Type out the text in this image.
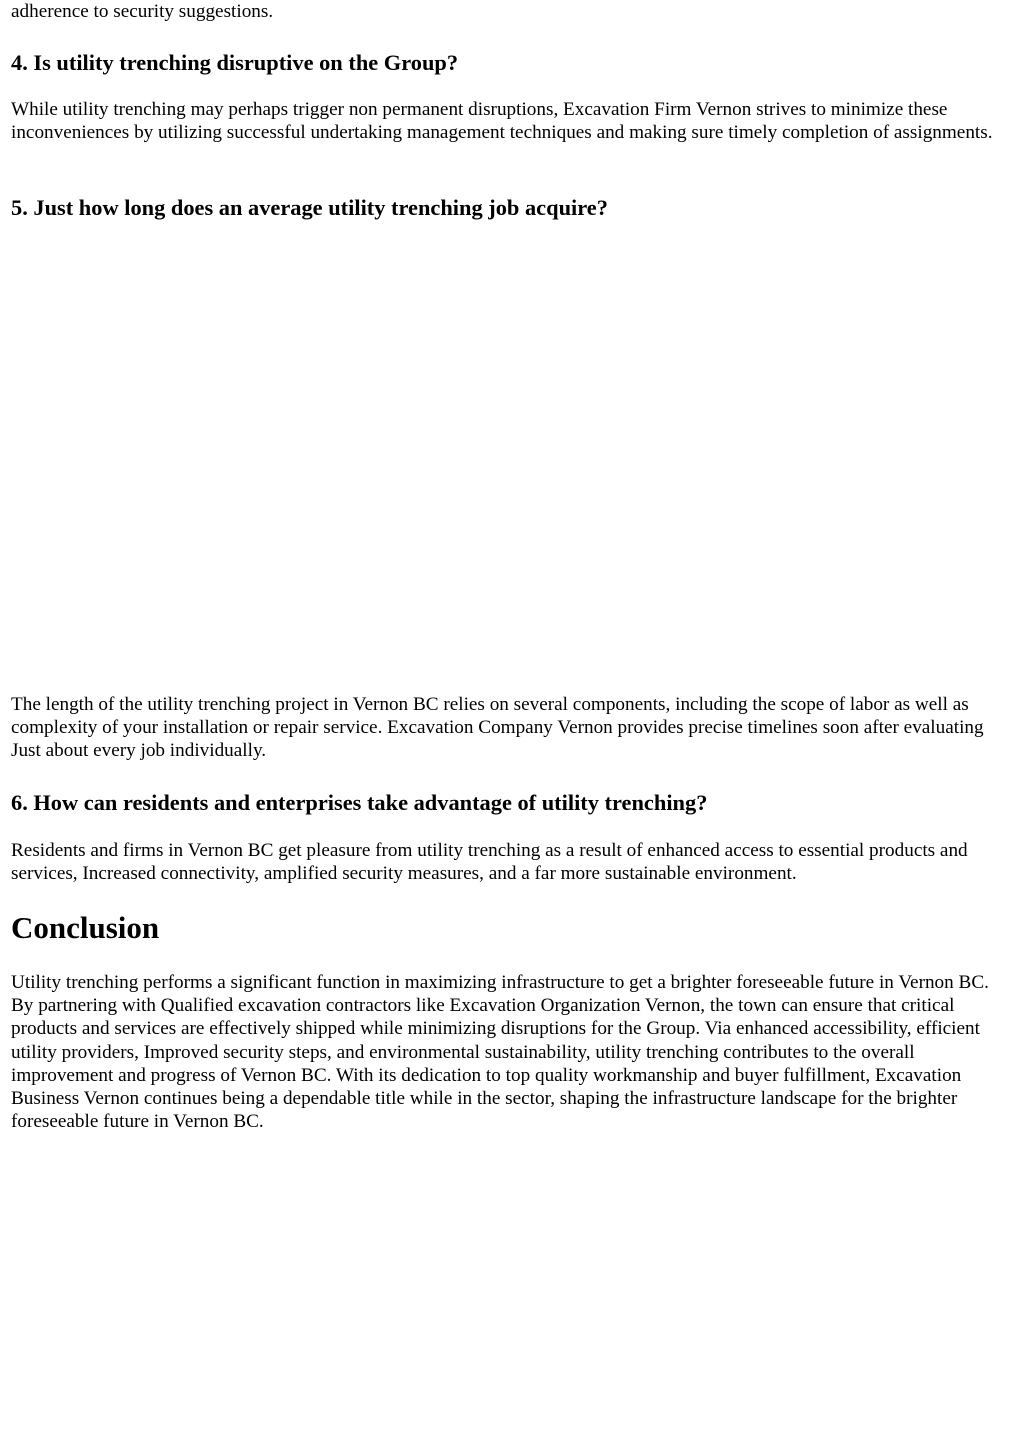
adherence to security suggestions.

4. Is utility trenching disruptive on the Group?

While utility trenching may perhaps trigger non permanent disruptions, Excavation Firm Vernon strives to minimize these inconveniences by utilizing successful undertaking management techniques and making sure timely completion of assignments.

5. Just how long does an average utility trenching job acquire?

The length of the utility trenching project in Vernon BC relies on several components, including the scope of labor as well as complexity of your installation or repair service. Excavation Company Vernon provides precise timelines soon after evaluating Just about every job individually.

6. How can residents and enterprises take advantage of utility trenching?

Residents and firms in Vernon BC get pleasure from utility trenching as a result of enhanced access to essential products and services, Increased connectivity, amplified security measures, and a far more sustainable environment.

Conclusion

Utility trenching performs a significant function in maximizing infrastructure to get a brighter foreseeable future in Vernon BC. By partnering with Qualified excavation contractors like Excavation Organization Vernon, the town can ensure that critical products and services are effectively shipped while minimizing disruptions for the Group. Via enhanced accessibility, efficient utility providers, Improved security steps, and environmental sustainability, utility trenching contributes to the overall improvement and progress of Vernon BC. With its dedication to top quality workmanship and buyer fulfillment, Excavation Business Vernon continues being a dependable title while in the sector, shaping the infrastructure landscape for the brighter foreseeable future in Vernon BC.
